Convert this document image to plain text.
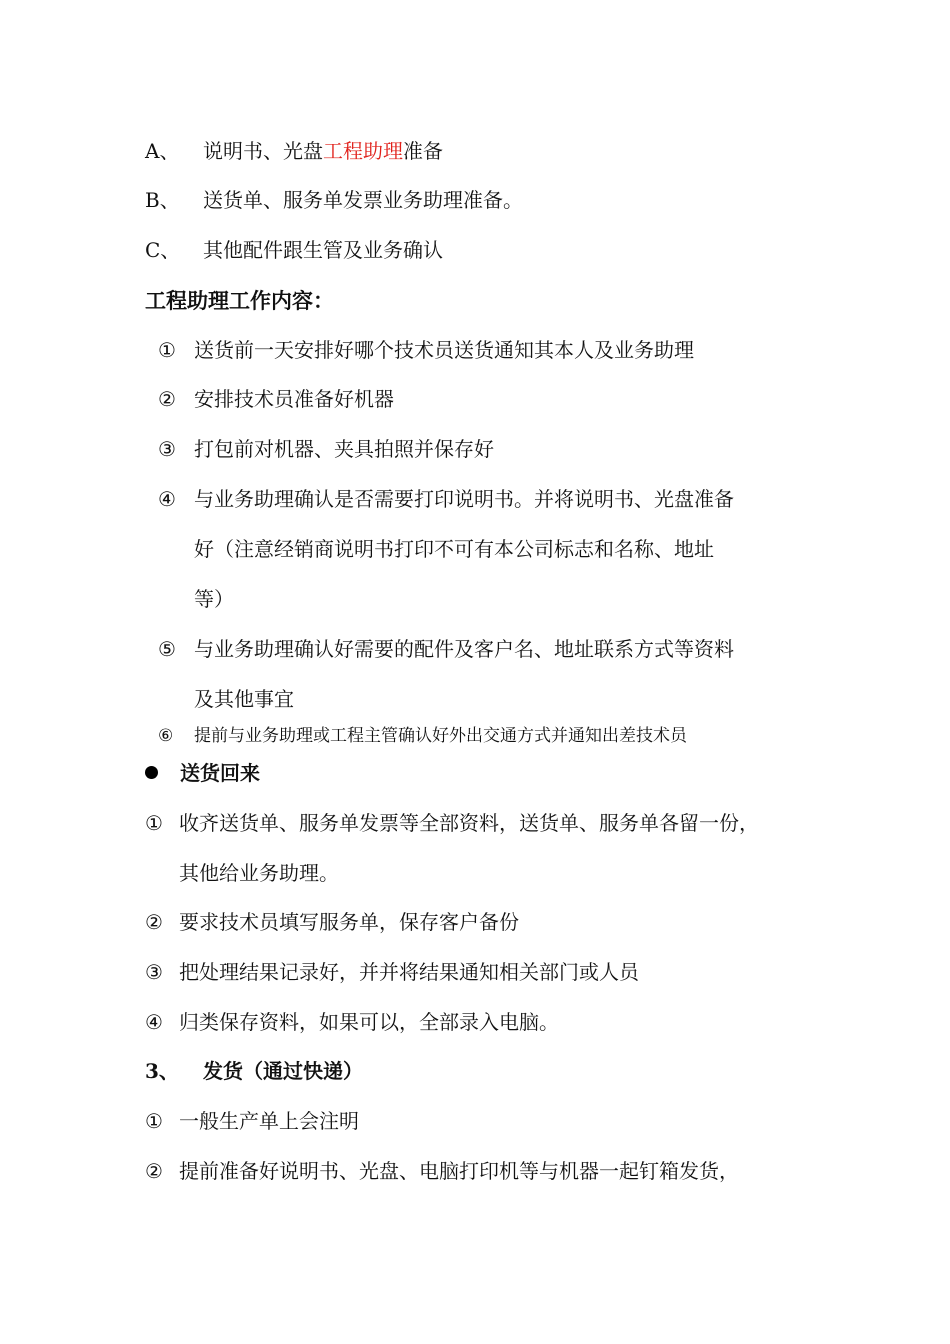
A、 说明书、光盘工程助理准备
B、 送货单、服务单发票业务助理准备。
C、 其他配件跟生管及业务确认
工程助理工作内容：
① 送货前一天安排好哪个技术员送货通知其本人及业务助理
② 安排技术员准备好机器
③ 打包前对机器、夹具拍照并保存好
④ 与业务助理确认是否需要打印说明书。并将说明书、光盘准备
好（注意经销商说明书打印不可有本公司标志和名称、地址
等）
⑤ 与业务助理确认好需要的配件及客户名、地址联系方式等资料
及其他事宜
⑥ 提前与业务助理或工程主管确认好外出交通方式并通知出差技术员
送货回来
① 收齐送货单、服务单发票等全部资料，送货单、服务单各留一份，
其他给业务助理。
② 要求技术员填写服务单，保存客户备份
③ 把处理结果记录好，并并将结果通知相关部门或人员
④ 归类保存资料，如果可以，全部录入电脑。
3、 发货（通过快递）
① 一般生产单上会注明
② 提前准备好说明书、光盘、电脑打印机等与机器一起钉箱发货，
